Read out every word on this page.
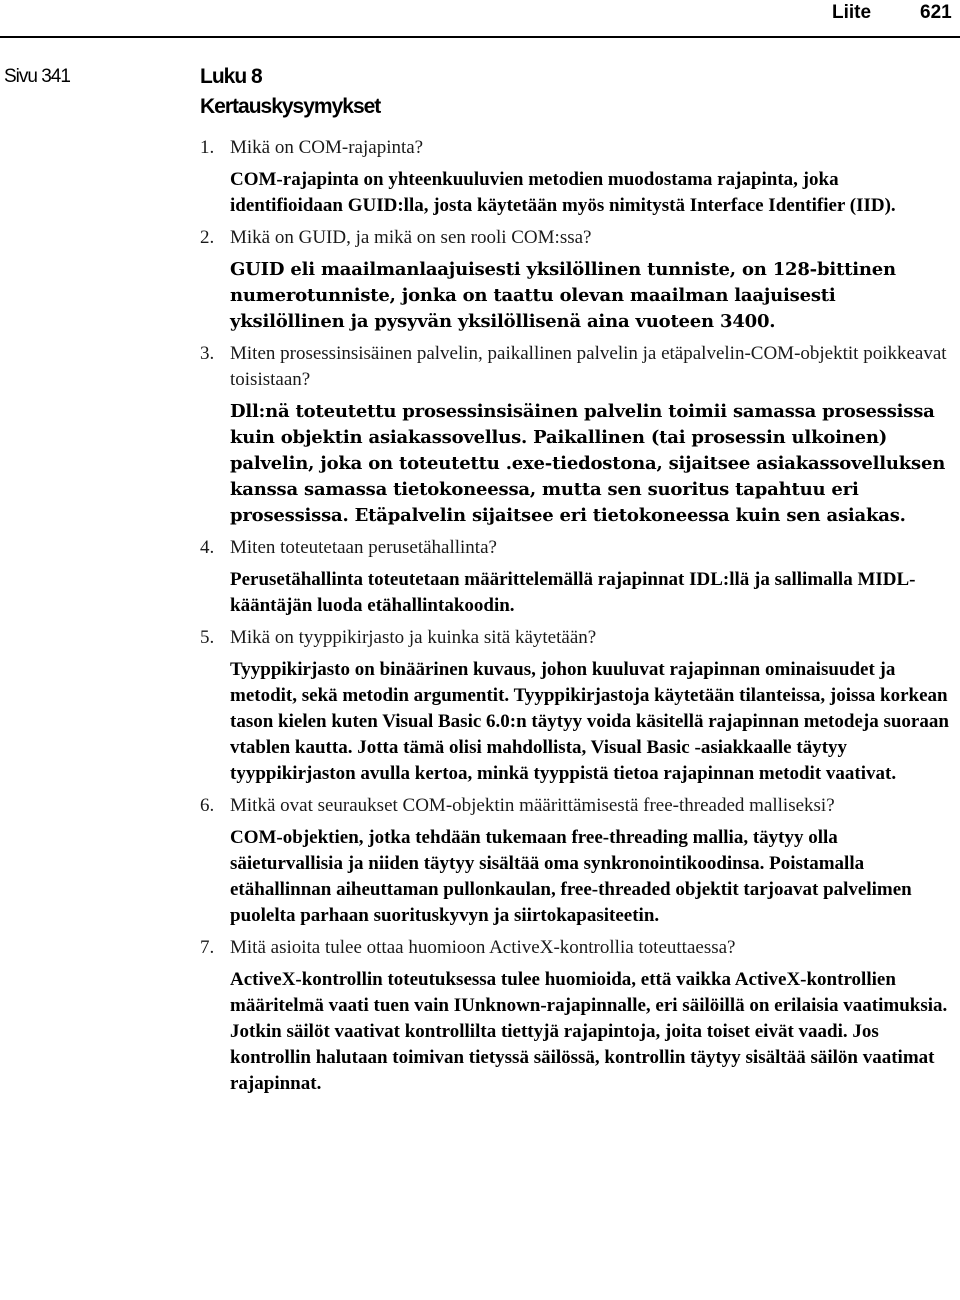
Liite	621
Sivu 341	Luku 8
Kertauskysymykset
1. Mikä on COM-rajapinta?
COM-rajapinta on yhteenkuuluvien metodien muodostama rajapinta, joka identifioidaan GUID:lla, josta käytetään myös nimitystä Interface Identifier (IID).
2. Mikä on GUID, ja mikä on sen rooli COM:ssa?
GUID eli maailmanlaajuisesti yksilöllinen tunniste, on 128-bittinen numerotunniste, jonka on taattu olevan maailman laajuisesti yksilöllinen ja pysyvän yksilöllisenä aina vuoteen 3400.
3. Miten prosessinsisäinen palvelin, paikallinen palvelin ja etäpalvelin-COM-objektit poikkeavat toisistaan?
Dll:nä toteutettu prosessinsisäinen palvelin toimii samassa prosessissa kuin objektin asiakassovellus. Paikallinen (tai prosessin ulkoinen) palvelin, joka on toteutettu .exe-tiedostona, sijaitsee asiakassovelluksen kanssa samassa tietokoneessa, mutta sen suoritus tapahtuu eri prosessissa. Etäpalvelin sijaitsee eri tietokoneessa kuin sen asiakas.
4. Miten toteutetaan perusetähallinta?
Perusetähallinta toteutetaan määrittelemällä rajapinnat IDL:llä ja sallimalla MIDL-kääntäjän luoda etähallintakoodin.
5. Mikä on tyyppikirjasto ja kuinka sitä käytetään?
Tyyppikirjasto on binäärinen kuvaus, johon kuuluvat rajapinnan ominaisuudet ja metodit, sekä metodin argumentit. Tyyppikirjastoja käytetään tilanteissa, joissa korkean tason kielen kuten Visual Basic 6.0:n täytyy voida käsitellä rajapinnan metodeja suoraan vtablen kautta. Jotta tämä olisi mahdollista, Visual Basic -asiakkaalle täytyy tyyppikirjaston avulla kertoa, minkä tyyppistä tietoa rajapinnan metodit vaativat.
6. Mitkä ovat seuraukset COM-objektin määrittämisestä free-threaded malliseksi?
COM-objektien, jotka tehdään tukemaan free-threading mallia, täytyy olla säieturvallisia ja niiden täytyy sisältää oma synkronointikoodinsa. Poistamalla etähallinnan aiheuttaman pullonkaulan, free-threaded objektit tarjoavat palvelimen puolelta parhaan suorituskyvyn ja siirtokapasiteetin.
7. Mitä asioita tulee ottaa huomioon ActiveX-kontrollia toteuttaessa?
ActiveX-kontrollin toteutuksessa tulee huomioida, että vaikka ActiveX-kontrollien määritelmä vaati tuen vain IUnknown-rajapinnalle, eri säilöillä on erilaisia vaatimuksia. Jotkin säilöt vaativat kontrollilta tiettyjä rajapintoja, joita toiset eivät vaadi. Jos kontrollin halutaan toimivan tietyssä säilössä, kontrollin täytyy sisältää säilön vaatimat rajapinnat.
